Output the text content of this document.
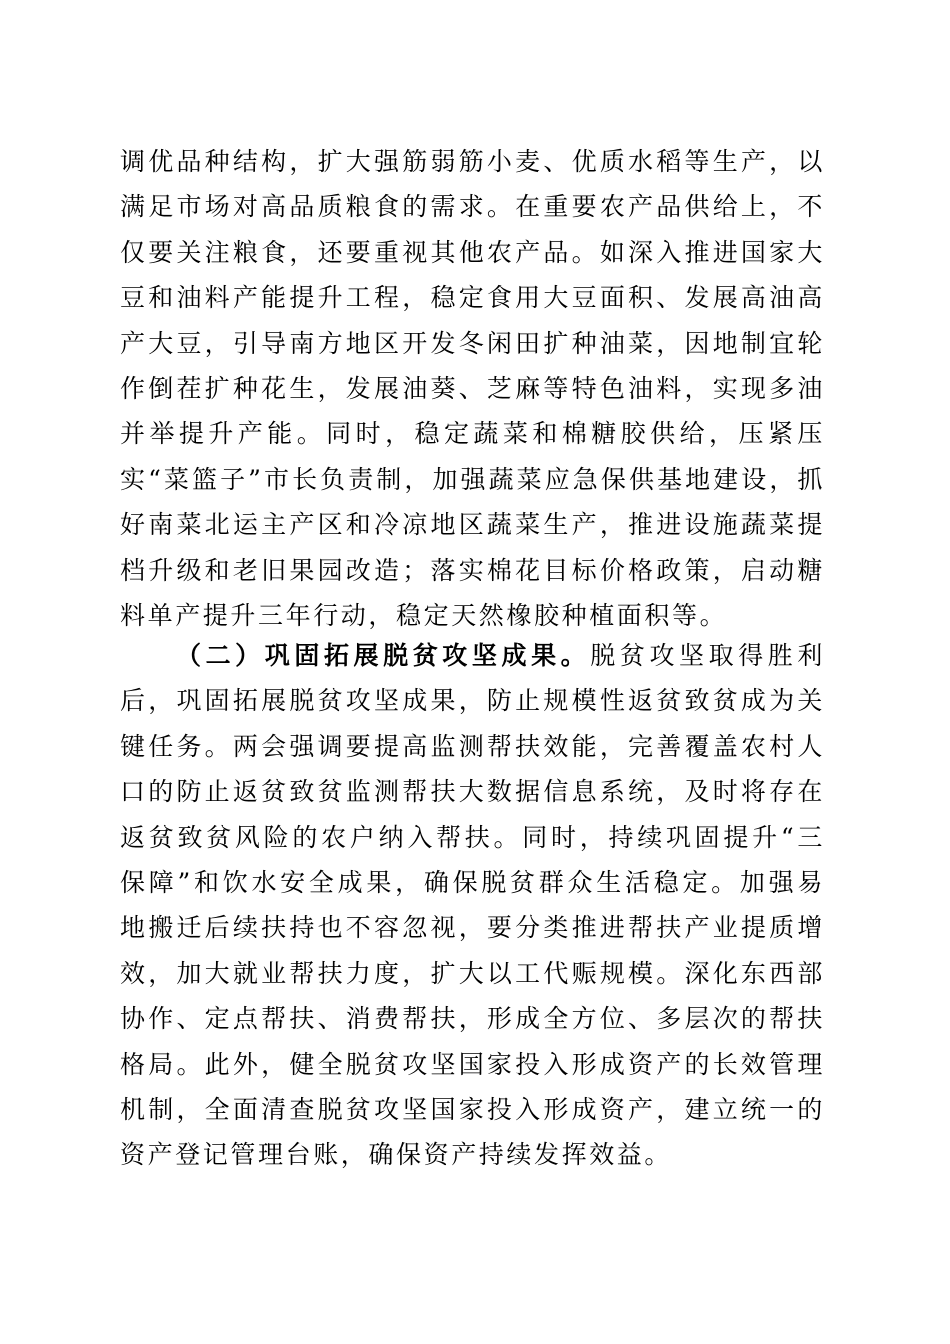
调优品种结构，扩大强筋弱筋小麦、优质水稻等生产，以满足市场对高品质粮食的需求。在重要农产品供给上，不仅要关注粮食，还要重视其他农产品。如深入推进国家大豆和油料产能提升工程，稳定食用大豆面积、发展高油高产大豆，引导南方地区开发冬闲田扩种油菜，因地制宜轮作倒茬扩种花生，发展油葵、芝麻等特色油料，实现多油并举提升产能。同时，稳定蔬菜和棉糖胶供给，压紧压实“菜篮子”市长负责制，加强蔬菜应急保供基地建设，抓好南菜北运主产区和冷凉地区蔬菜生产，推进设施蔬菜提档升级和老旧果园改造；落实棉花目标价格政策，启动糖料单产提升三年行动，稳定天然橡胶种植面积等。

（二）巩固拓展脱贫攻坚成果。脱贫攻坚取得胜利后，巩固拓展脱贫攻坚成果，防止规模性返贫致贫成为关键任务。两会强调要提高监测帮扶效能，完善覆盖农村人口的防止返贫致贫监测帮扶大数据信息系统，及时将存在返贫致贫风险的农户纳入帮扶。同时，持续巩固提升“三保障”和饮水安全成果，确保脱贫群众生活稳定。加强易地搬迁后续扶持也不容忽视，要分类推进帮扶产业提质增效，加大就业帮扶力度，扩大以工代赈规模。深化东西部协作、定点帮扶、消费帮扶，形成全方位、多层次的帮扶格局。此外，健全脱贫攻坚国家投入形成资产的长效管理机制，全面清查脱贫攻坚国家投入形成资产，建立统一的资产登记管理台账，确保资产持续发挥效益。
